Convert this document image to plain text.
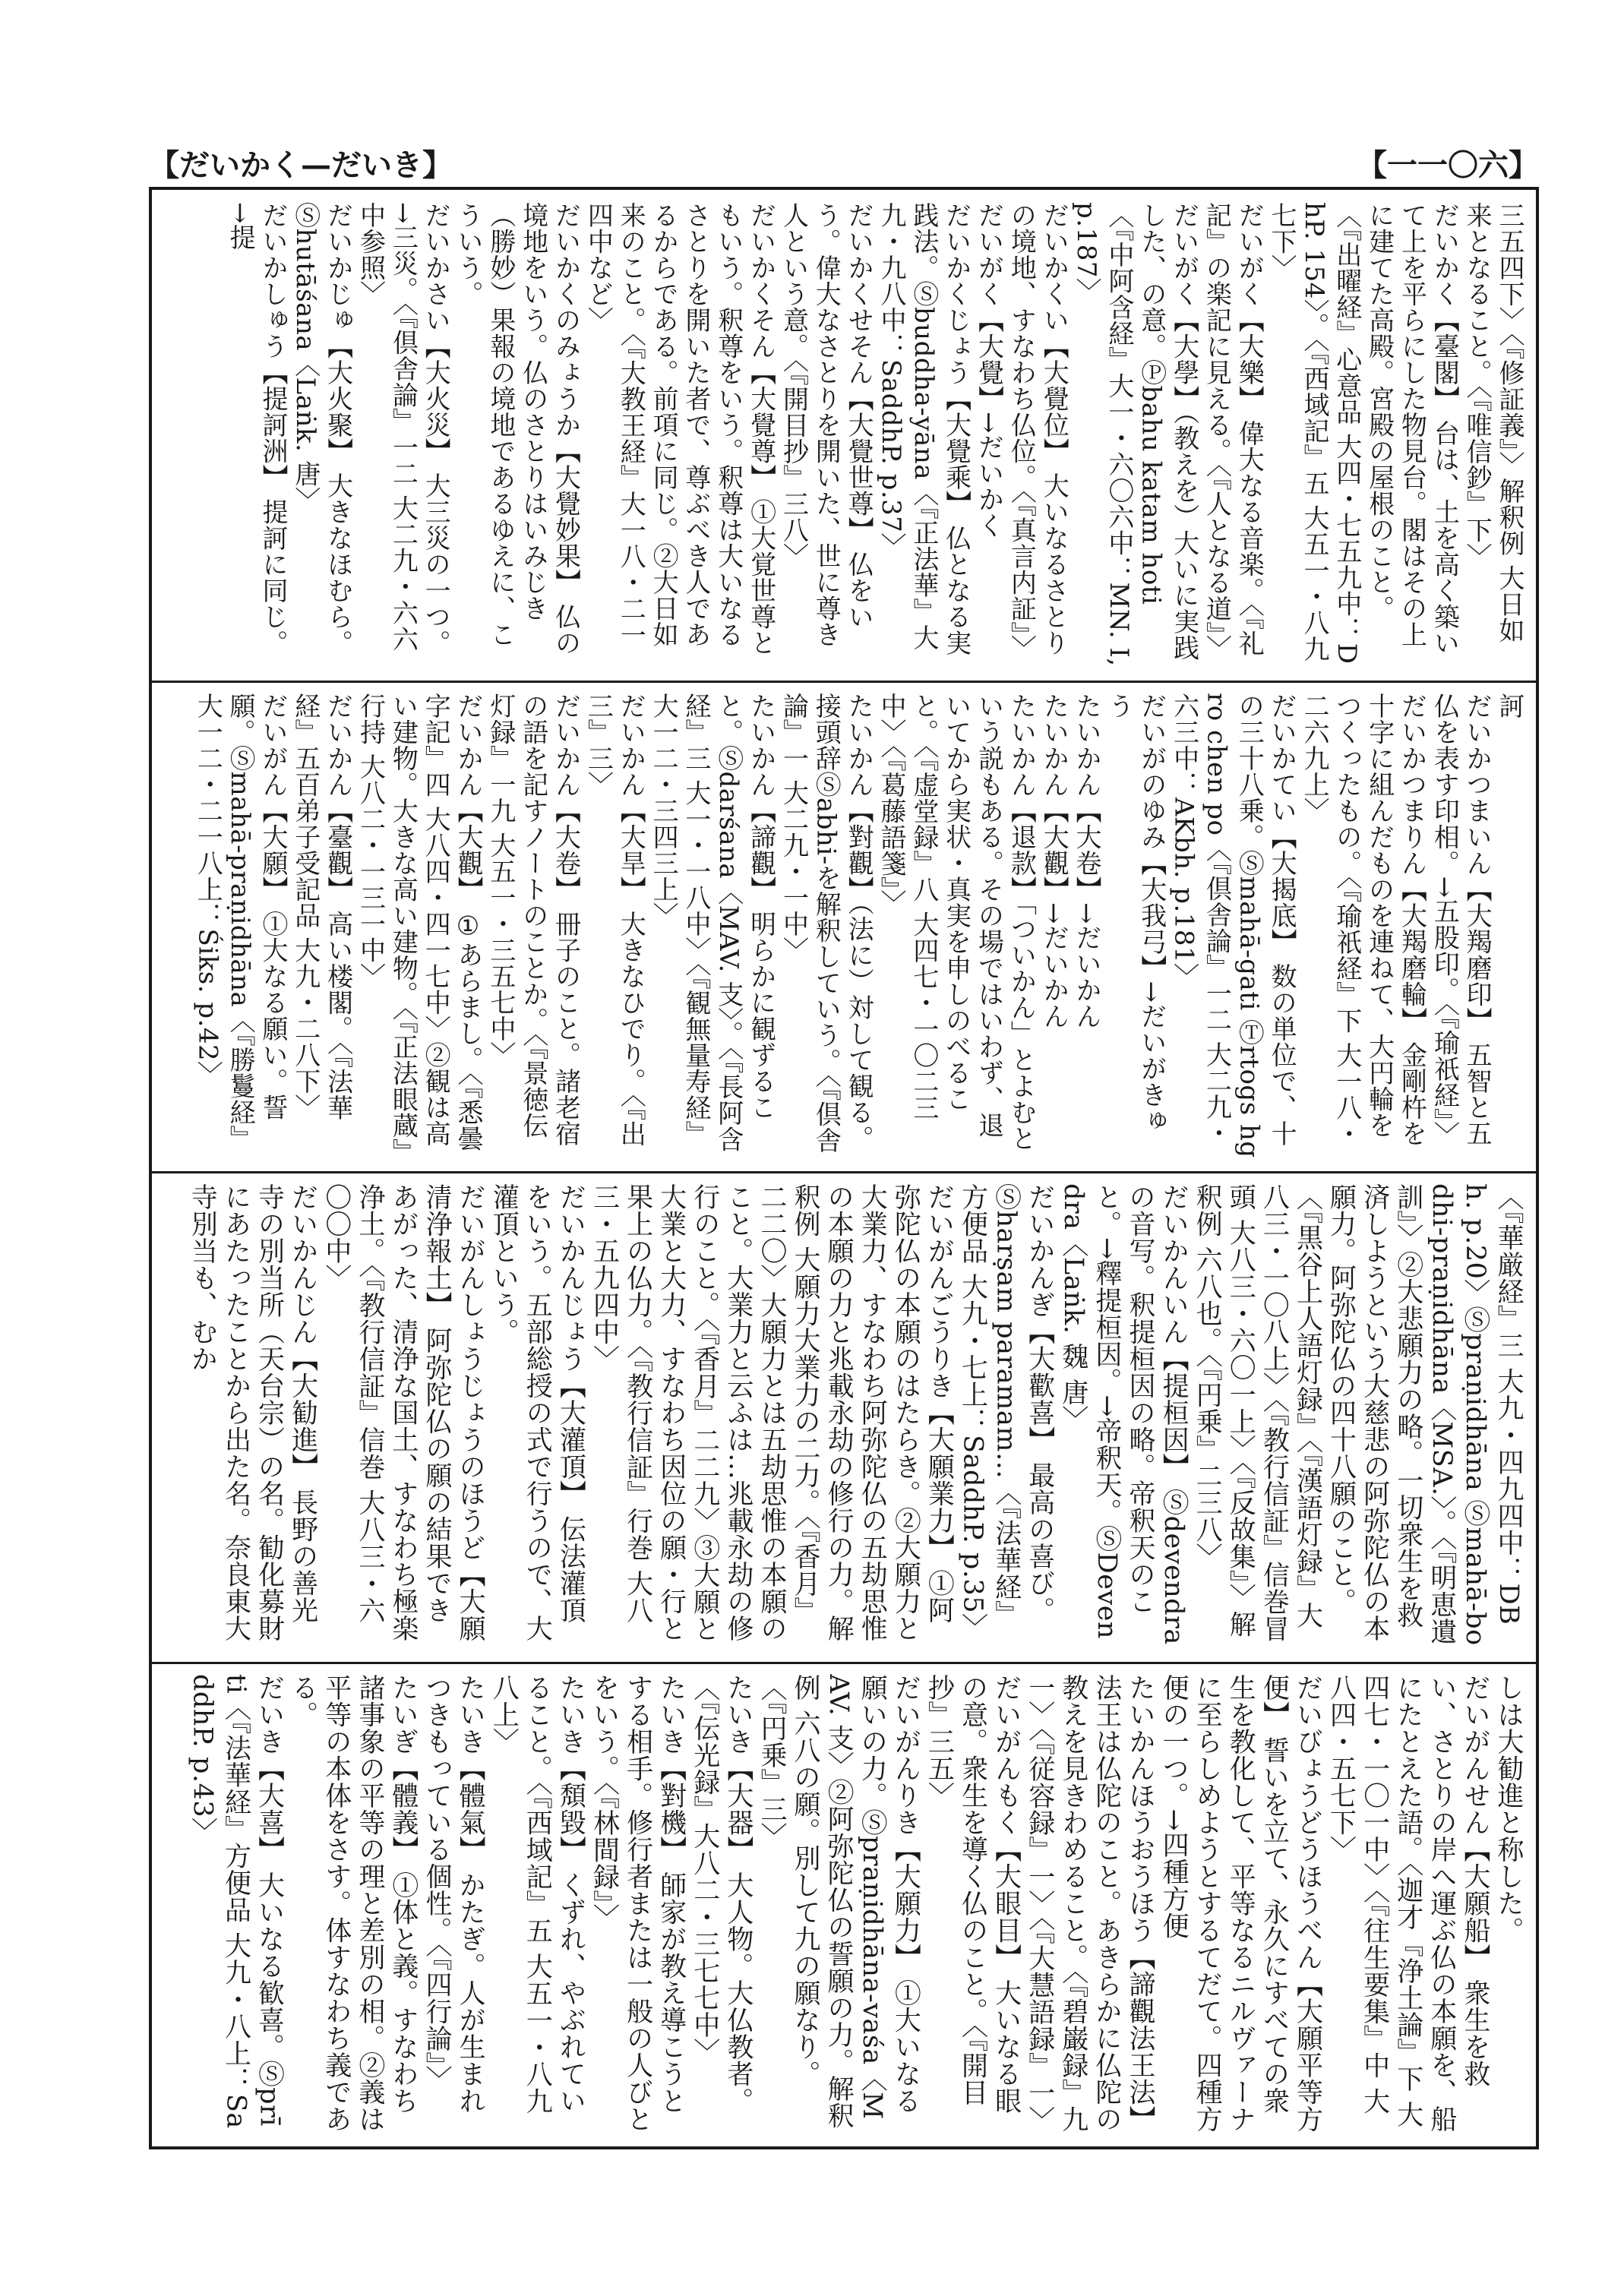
【だいかく—だいき】	【一一〇六】
三五四下〉〈『修証義』〉解釈例 大日如来となること。〈『唯信鈔』下〉
だいかく【臺閣】 台は、土を高く築いて上を平らにした物見台。閣はその上に建てた高殿。宮殿の屋根のこと。〈『出曜経』心意品 大四・七五九中：DhP. 154〉。〈『西域記』五 大五一・八九七下〉
だいがく【大樂】 偉大なる音楽。〈『礼記』の楽記に見える。〈『人となる道』〉
だいがく【大學】（教えを）大いに実践した、の意。Ⓟbahu katam hoti〈『中阿含経』大一・六〇六中：MN. I, p.187〉
だいかくい【大覺位】 大いなるさとりの境地、すなわち仏位。〈『真言内証』〉
だいがく【大覺】→だいかく
だいかくじょう【大覺乘】 仏となる実践法。Ⓢbuddha-yāna〈『正法華』大九・九八中：SaddhP. p.37〉
だいかくせそん【大覺世尊】 仏をいう。偉大なさとりを開いた、世に尊き人という意。〈『開目抄』三八〉
だいかくそん【大覺尊】 ①大覚世尊ともいう。釈尊をいう。釈尊は大いなるさとりを開いた者で、尊ぶべき人であるからである。前項に同じ。②大日如来のこと。〈『大教王経』大一八・二一四中など〉
だいかくのみょうか【大覺妙果】 仏の境地をいう。仏のさとりはいみじき（勝妙）果報の境地であるゆえに、こういう。
だいかさい【大火災】 大三災の一つ。→三災。〈『倶舎論』一二 大二九・六六中参照〉
だいかじゅ【大火聚】 大きなほむら。Ⓢhutāśana〈Laṅk. 唐〉
だいかしゅう【提訶洲】 提訶に同じ。→提
訶
だいかつまいん【大羯磨印】 五智と五仏を表す印相。→五股印。〈『瑜祇経』〉
だいかつまりん【大羯磨輪】 金剛杵を十字に組んだものを連ねて、大円輪をつくったもの。〈『瑜祇経』下 大一八・二六九上〉
だいかてい【大揭底】 数の単位で、十の三十八乗。Ⓢmahā-gati Ⓣrtogs hgro chen po〈『倶舎論』一二 大二九・六三中：AKbh. p.181〉
だいがのゆみ【大我弓】→だいがきゅう
たいかん【大卷】→だいかん
たいかん【大觀】→だいかん
たいかん【退款】「ついかん」とよむという説もある。その場ではいわず、退いてから実状・真実を申しのべること。〈『虚堂録』八 大四七・一〇二三中〉〈『葛藤語箋』〉
たいかん【對觀】（法に）対して観る。接頭辞Ⓢabhi-を解釈していう。〈『倶舎論』一 大二九・一中〉
たいかん【諦觀】 明らかに観ずること。Ⓢdarśana〈MAV. 支〉。〈『長阿含経』三 大一・一八中〉〈『観無量寿経』大一二・三四三上〉
だいかん【大旱】 大きなひでり。〈『出三』三〉
だいかん【大卷】 冊子のこと。諸老宿の語を記すノートのことか。〈『景徳伝灯録』一九 大五一・三五七中〉
だいかん【大觀】 ①あらまし。〈『悉曇字記』四 大八四・四一七中〉②観は高い建物。大きな高い建物。〈『正法眼蔵』行持 大八二・一三一中〉
だいかん【臺觀】 高い楼閣。〈『法華経』五百弟子受記品 大九・二八下〉
だいがん【大願】 ①大なる願い。誓願。Ⓢmahā-praṇidhāna〈『勝鬘経』大一二・二一八上：Śiks. p.42〉
〈『華厳経』三 大九・四九四中：DBh. p.20〉Ⓢpraṇidhāna Ⓢmahā-bodhi-praṇidhāna〈MSA.〉。〈『明恵遺訓』〉②大悲願力の略。一切衆生を救済しようという大慈悲の阿弥陀仏の本願力。阿弥陀仏の四十八願のこと。〈『黒谷上人語灯録』〈『漢語灯録』大八三・一〇八上〉〈『教行信証』信巻冒頭 大八三・六〇一上〉〈『反故集』〉解釈例 六八也。〈『円乗』二三八〉
だいかんいん【提桓因】 Ⓢdevendra の音写。釈提桓因の略。帝釈天のこと。→釋提桓因。→帝釈天。ⓈDevendra〈Laṅk. 魏 唐〉
だいかんぎ【大歡喜】 最高の喜び。Ⓢharṣam paramam…〈『法華経』方便品 大九・七上：SaddhP. p.35〉
だいがんごうりき【大願業力】 ①阿弥陀仏の本願のはたらき。②大願力と大業力、すなわち阿弥陀仏の五劫思惟の本願の力と兆載永劫の修行の力。解釈例 大願力大業力の二力。〈『香月』二二〇〉大願力とは五劫思惟の本願のこと。大業力と云ふは…兆載永劫の修行のこと。〈『香月』二二九〉③大願と大業と大力、すなわち因位の願・行と果上の仏力。〈『教行信証』行巻 大八三・五九四中〉
だいかんじょう【大灌頂】 伝法灌頂をいう。五部総授の式で行うので、大灌頂という。
だいがんしょうじょうのほうど【大願清浄報土】 阿弥陀仏の願の結果できあがった、清浄な国土、すなわち極楽浄土。〈『教行信証』信巻 大八三・六〇〇中〉
だいかんじん【大勧進】 長野の善光寺の別当所（天台宗）の名。勧化募財にあたったことから出た名。奈良東大寺別当も、むか
しは大勧進と称した。
だいがんせん【大願船】 衆生を救い、さとりの岸へ運ぶ仏の本願を、船にたとえた語。〈迦才『浄土論』下 大四七・一〇一中〉〈『往生要集』中 大八四・五七下〉
だいびょうどうほうべん【大願平等方便】 誓いを立て、永久にすべての衆生を教化して、平等なるニルヴァーナに至らしめようとするてだて。四種方便の一つ。→四種方便
たいかんほうおうほう【諦觀法王法】 法王は仏陀のこと。あきらかに仏陀の教えを見きわめること。〈『碧巌録』九一〉〈『従容録』一〉〈『大慧語録』一〉
だいがんもく【大眼目】 大いなる眼の意。衆生を導く仏のこと。〈『開目抄』三五〉
だいがんりき【大願力】 ①大いなる願いの力。Ⓢpraṇidhāna-vaśa〈MAV. 支〉②阿弥陀仏の誓願の力。解釈例 六八の願。別して九の願なり。〈『円乗』三〉
たいき【大器】 大人物。大仏教者。〈『伝光録』大八二・三七七中〉
たいき【對機】 師家が教え導こうとする相手。修行者または一般の人びとをいう。〈『林間録』〉
たいき【頽毀】 くずれ、やぶれていること。〈『西域記』五 大五一・八九八上〉
たいき【體氣】 かたぎ。人が生まれつきもっている個性。〈『四行論』〉
たいぎ【體義】 ①体と義。すなわち諸事象の平等の理と差別の相。②義は平等の本体をさす。体すなわち義である。
だいき【大喜】 大いなる歓喜。Ⓢprīti〈『法華経』方便品 大九・八上：SaddhP. p.43〉
